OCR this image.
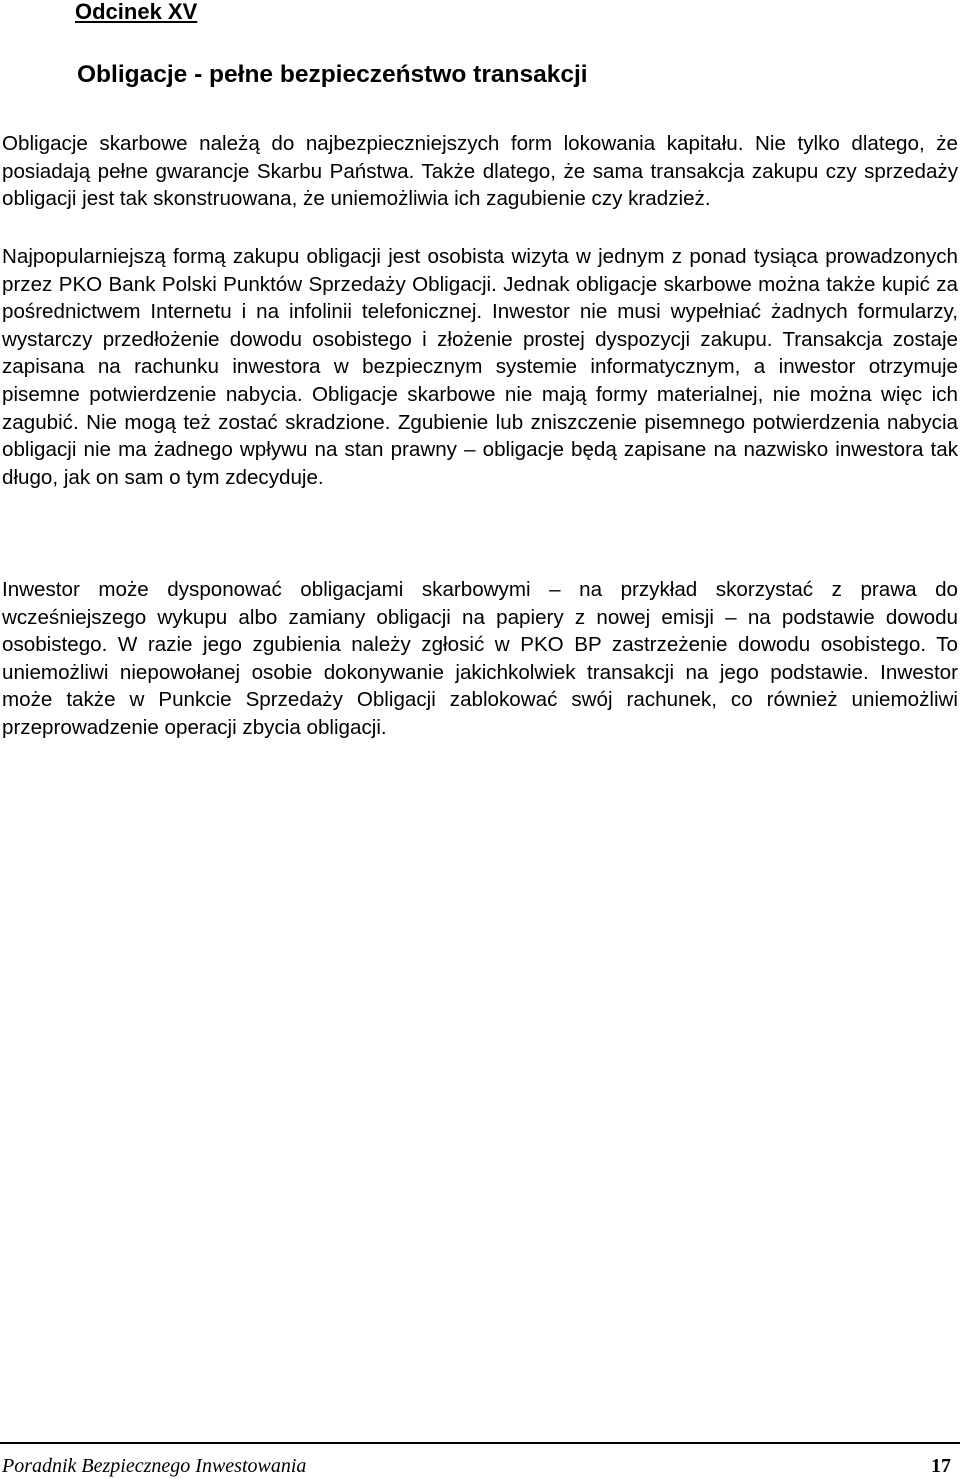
Odcinek XV
Obligacje - pełne bezpieczeństwo transakcji

Obligacje skarbowe należą do najbezpieczniejszych form lokowania kapitału. Nie tylko dlatego, że posiadają pełne gwarancje Skarbu Państwa. Także dlatego, że sama transakcja zakupu czy sprzedaży obligacji jest tak skonstruowana, że uniemożliwia ich zagubienie czy kradzież.

Najpopularniejszą formą zakupu obligacji jest osobista wizyta w jednym z ponad tysiąca prowadzonych przez PKO Bank Polski Punktów Sprzedaży Obligacji. Jednak obligacje skarbowe można także kupić za pośrednictwem Internetu i na infolinii telefonicznej. Inwestor nie musi wypełniać żadnych formularzy, wystarczy przedłożenie dowodu osobistego i złożenie prostej dyspozycji zakupu. Transakcja zostaje zapisana na rachunku inwestora w bezpiecznym systemie informatycznym, a inwestor otrzymuje pisemne potwierdzenie nabycia. Obligacje skarbowe nie mają formy materialnej, nie można więc ich zagubić. Nie mogą też zostać skradzione. Zgubienie lub zniszczenie pisemnego potwierdzenia nabycia obligacji nie ma żadnego wpływu na stan prawny – obligacje będą zapisane na nazwisko inwestora tak długo, jak on sam o tym zdecyduje.

Inwestor może dysponować obligacjami skarbowymi – na przykład skorzystać z prawa do wcześniejszego wykupu albo zamiany obligacji na papiery z nowej emisji – na podstawie dowodu osobistego. W razie jego zgubienia należy zgłosić w PKO BP zastrzeżenie dowodu osobistego. To uniemożliwi niepowołanej osobie dokonywanie jakichkolwiek transakcji na jego podstawie. Inwestor może także w Punkcie Sprzedaży Obligacji zablokować swój rachunek, co również uniemożliwi przeprowadzenie operacji zbycia obligacji.

Poradnik Bezpiecznego Inwestowania	17
